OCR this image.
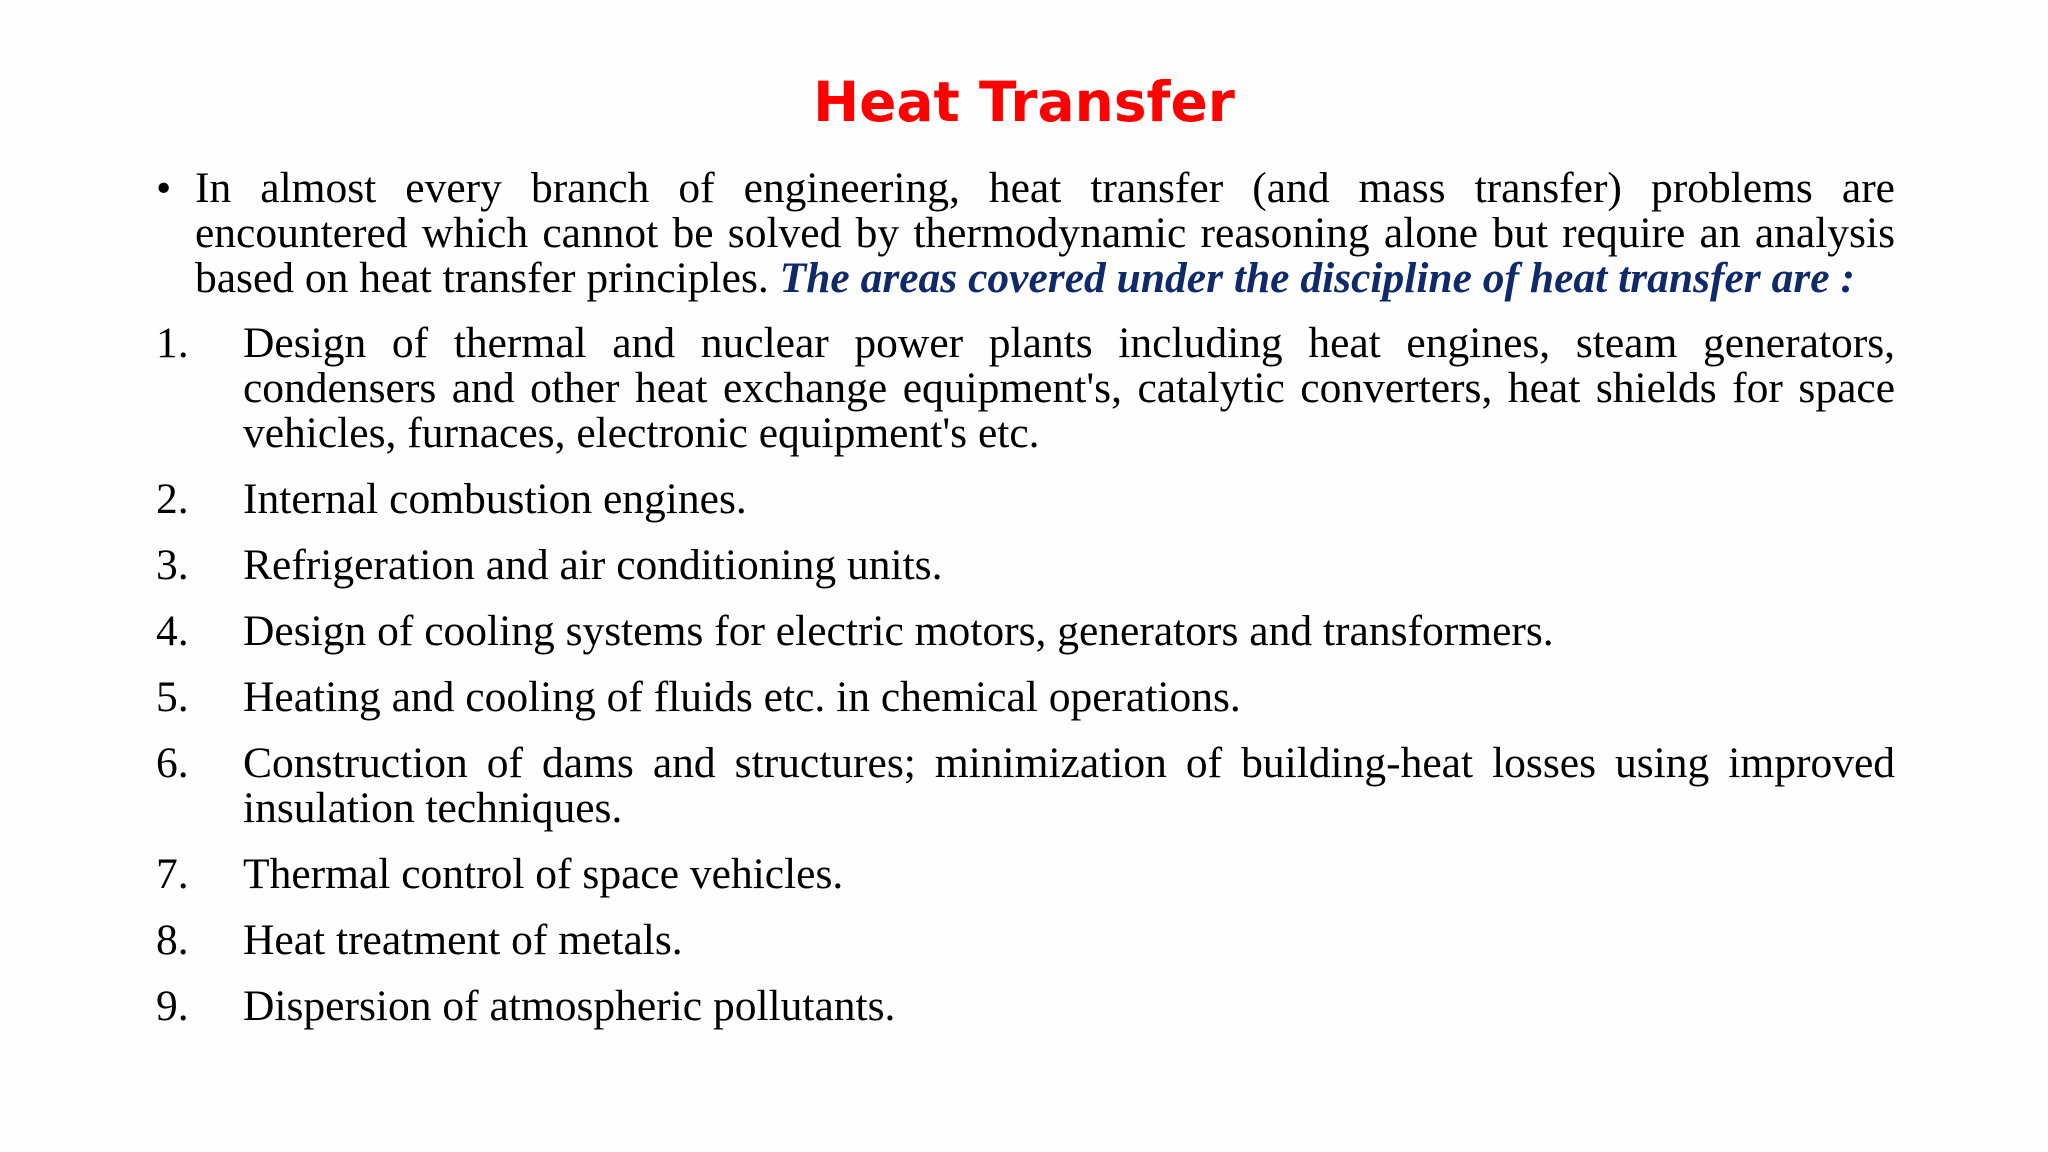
Heat Transfer
• In almost every branch of engineering, heat transfer (and mass transfer) problems are encountered which cannot be solved by thermodynamic reasoning alone but require an analysis based on heat transfer principles. The areas covered under the discipline of heat transfer are :
1.	Design of thermal and nuclear power plants including heat engines, steam generators, condensers and other heat exchange equipment's, catalytic converters, heat shields for space vehicles, furnaces, electronic equipment's etc.
2.	Internal combustion engines.
3.	Refrigeration and air conditioning units.
4.	Design of cooling systems for electric motors, generators and transformers.
5.	Heating and cooling of fluids etc. in chemical operations.
6.	Construction of dams and structures; minimization of building-heat losses using improved insulation techniques.
7.	Thermal control of space vehicles.
8.	Heat treatment of metals.
9.	Dispersion of atmospheric pollutants.
